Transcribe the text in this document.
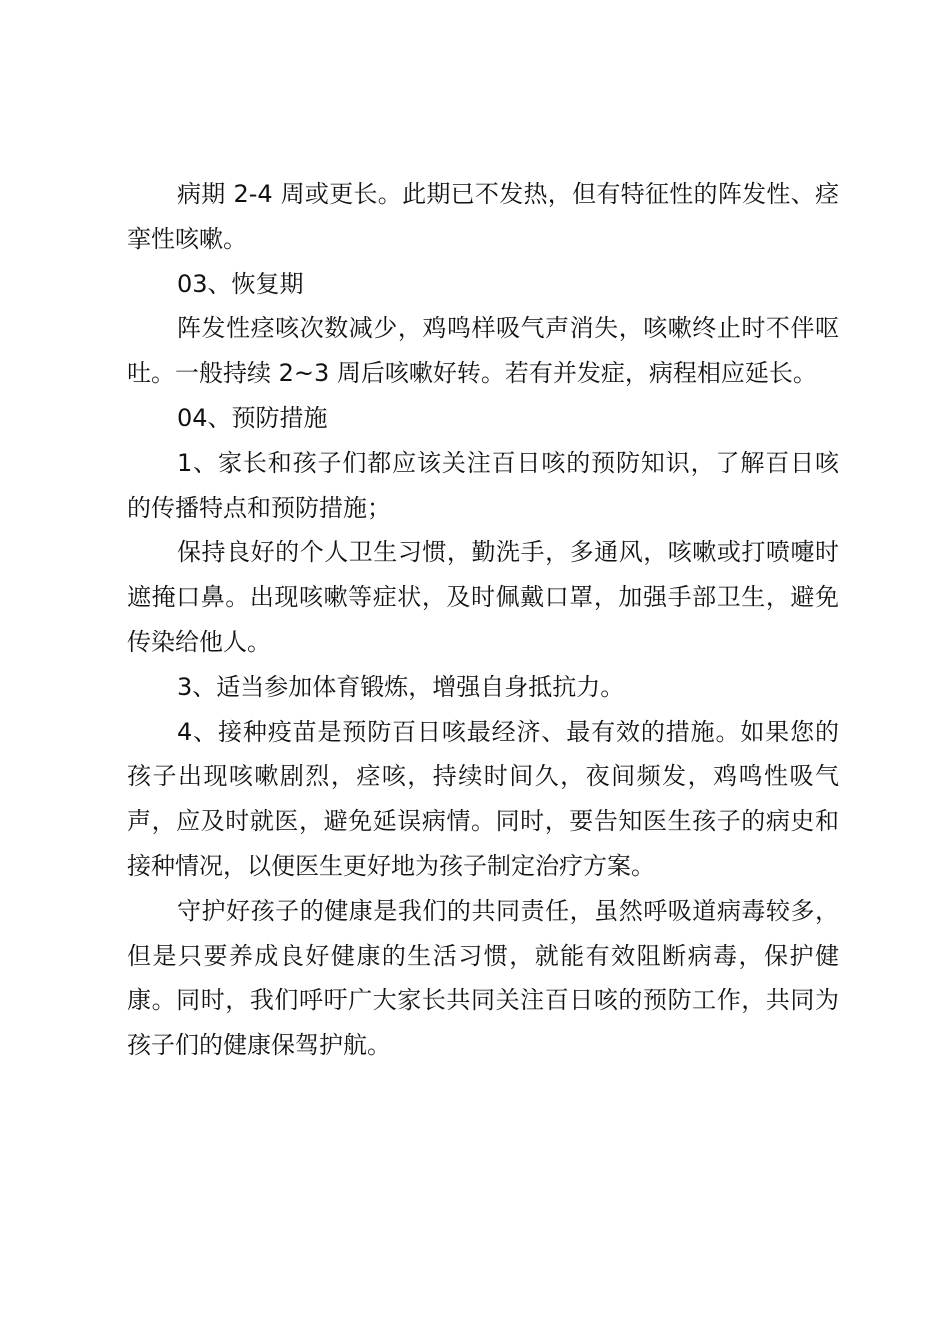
病期 2-4 周或更长。此期已不发热，但有特征性的阵发性、痉挛性咳嗽。

03、恢复期

阵发性痉咳次数减少，鸡鸣样吸气声消失，咳嗽终止时不伴呕吐。一般持续 2~3 周后咳嗽好转。若有并发症，病程相应延长。

04、预防措施

1、家长和孩子们都应该关注百日咳的预防知识，了解百日咳的传播特点和预防措施；

保持良好的个人卫生习惯，勤洗手，多通风，咳嗽或打喷嚏时遮掩口鼻。出现咳嗽等症状，及时佩戴口罩，加强手部卫生，避免传染给他人。

3、适当参加体育锻炼，增强自身抵抗力。

4、接种疫苗是预防百日咳最经济、最有效的措施。如果您的孩子出现咳嗽剧烈，痉咳，持续时间久，夜间频发，鸡鸣性吸气声，应及时就医，避免延误病情。同时，要告知医生孩子的病史和接种情况，以便医生更好地为孩子制定治疗方案。

守护好孩子的健康是我们的共同责任，虽然呼吸道病毒较多，但是只要养成良好健康的生活习惯，就能有效阻断病毒，保护健康。同时，我们呼吁广大家长共同关注百日咳的预防工作，共同为孩子们的健康保驾护航。
